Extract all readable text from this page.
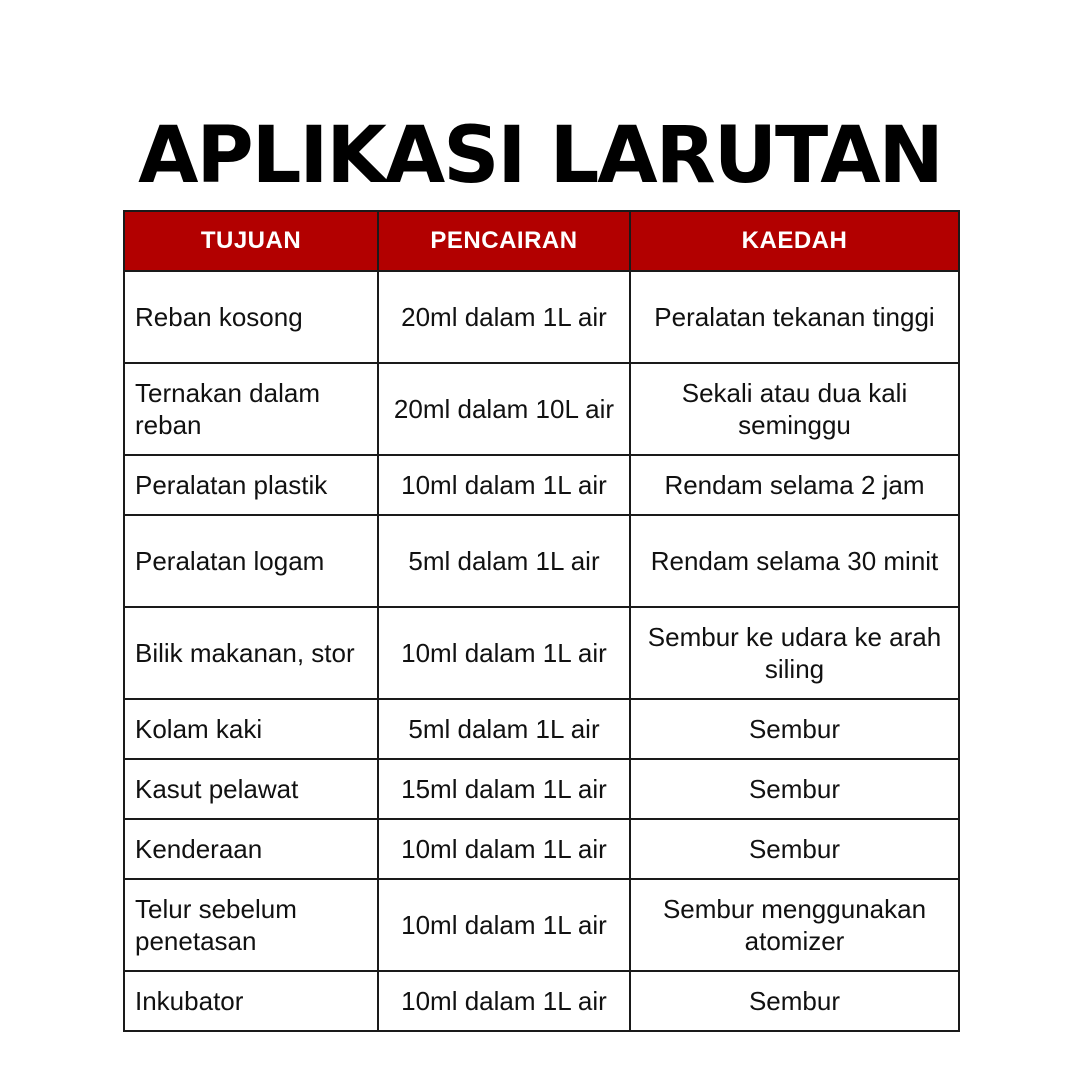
APLIKASI LARUTAN
TUJUAN	PENCAIRAN	KAEDAH
Reban kosong	20ml dalam 1L air	Peralatan tekanan tinggi
Ternakan dalam reban	20ml dalam 10L air	Sekali atau dua kali seminggu
Peralatan plastik	10ml dalam 1L air	Rendam selama 2 jam
Peralatan logam	5ml dalam 1L air	Rendam selama 30 minit
Bilik makanan, stor	10ml dalam 1L air	Sembur ke udara ke arah siling
Kolam kaki	5ml dalam 1L air	Sembur
Kasut pelawat	15ml dalam 1L air	Sembur
Kenderaan	10ml dalam 1L air	Sembur
Telur sebelum penetasan	10ml dalam 1L air	Sembur menggunakan atomizer
Inkubator	10ml dalam 1L air	Sembur
